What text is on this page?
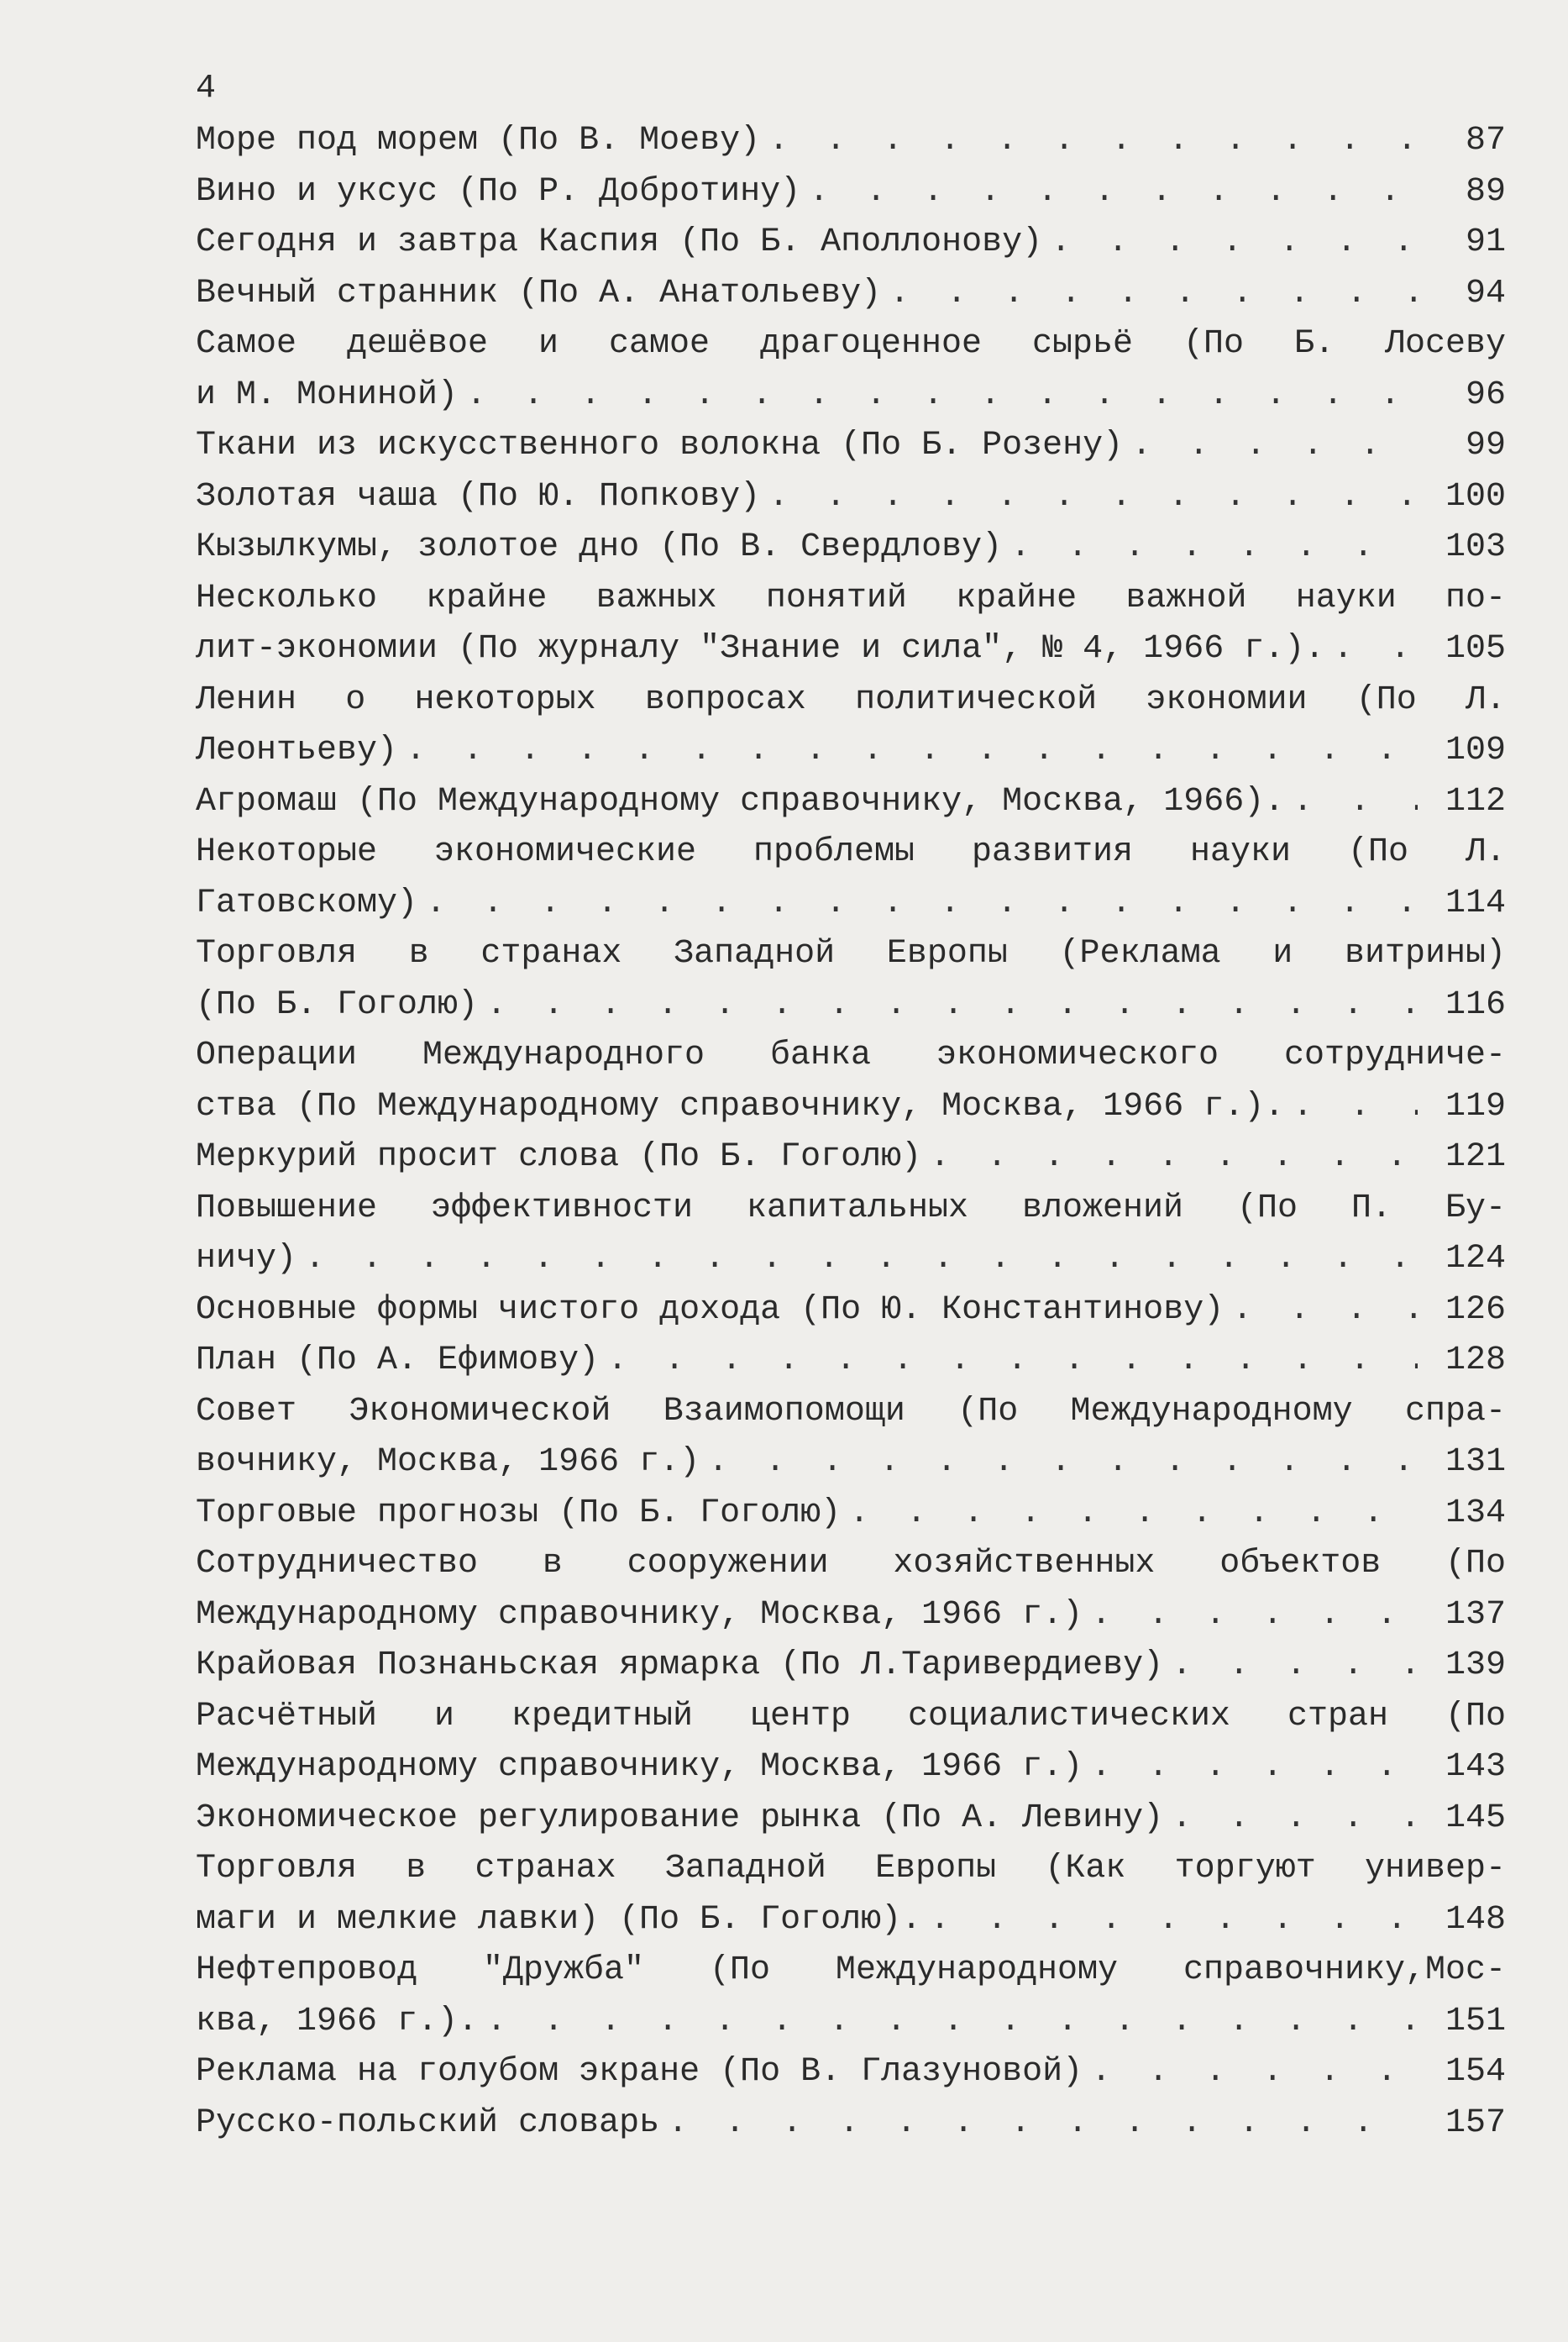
4

Море под морем (По В. Моеву) . . .	87
Вино и уксус (По Р. Добротину) . . .	89
Сегодня и завтра Каспия (По Б. Аполлонову) . . .	91
Вечный странник (По А. Анатольеву) . . .	94
Самое дешёвое и самое драгоценное сырьё (По Б. Лосеву
и М. Мониной) . . .	96
Ткани из искусственного волокна (По Б. Розену) . . .	99
Золотая чаша (По Ю. Попкову) . . .	100
Кызылкумы, золотое дно (По В. Свердлову) . . .	103
Несколько крайне важных понятий крайне важной науки по-
лит-экономии (По журналу "Знание и сила", № 4, 1966 г.). . . .	105
Ленин о некоторых вопросах политической экономии (По Л.
Леонтьеву) . . .	109
Агромаш (По Международному справочнику, Москва, 1966). . . .	112
Некоторые экономические проблемы развития науки (По Л.
Гатовскому) . . .	114
Торговля в странах Западной Европы (Реклама и витрины)
(По Б. Гоголю) . . .	116
Операции Международного банка экономического сотрудниче-
ства (По Международному справочнику, Москва, 1966 г.). . . .	119
Меркурий просит слова (По Б. Гоголю) . . .	121
Повышение эффективности капитальных вложений (По П. Бу-
ничу) . . .	124
Основные формы чистого дохода (По Ю. Константинову) . . .	126
План (По А. Ефимову) . . .	128
Совет Экономической Взаимопомощи (По Международному спра-
вочнику, Москва, 1966 г.) . . .	131
Торговые прогнозы (По Б. Гоголю) . . .	134
Сотрудничество в сооружении хозяйственных объектов (По
Международному справочнику, Москва, 1966 г.) . . .	137
Крайовая Познаньская ярмарка (По Л.Таривердиеву) . . .	139
Расчётный и кредитный центр социалистических стран (По
Международному справочнику, Москва, 1966 г.) . . .	143
Экономическое регулирование рынка (По А. Левину) . . .	145
Торговля в странах Западной Европы (Как торгуют универ-
маги и мелкие лавки) (По Б. Гоголю). . . .	148
Нефтепровод "Дружба" (По Международному справочнику,Мос-
ква, 1966 г.). . . .	151
Реклама на голубом экране (По В. Глазуновой) . . .	154
Русско-польский словарь . . .	157
